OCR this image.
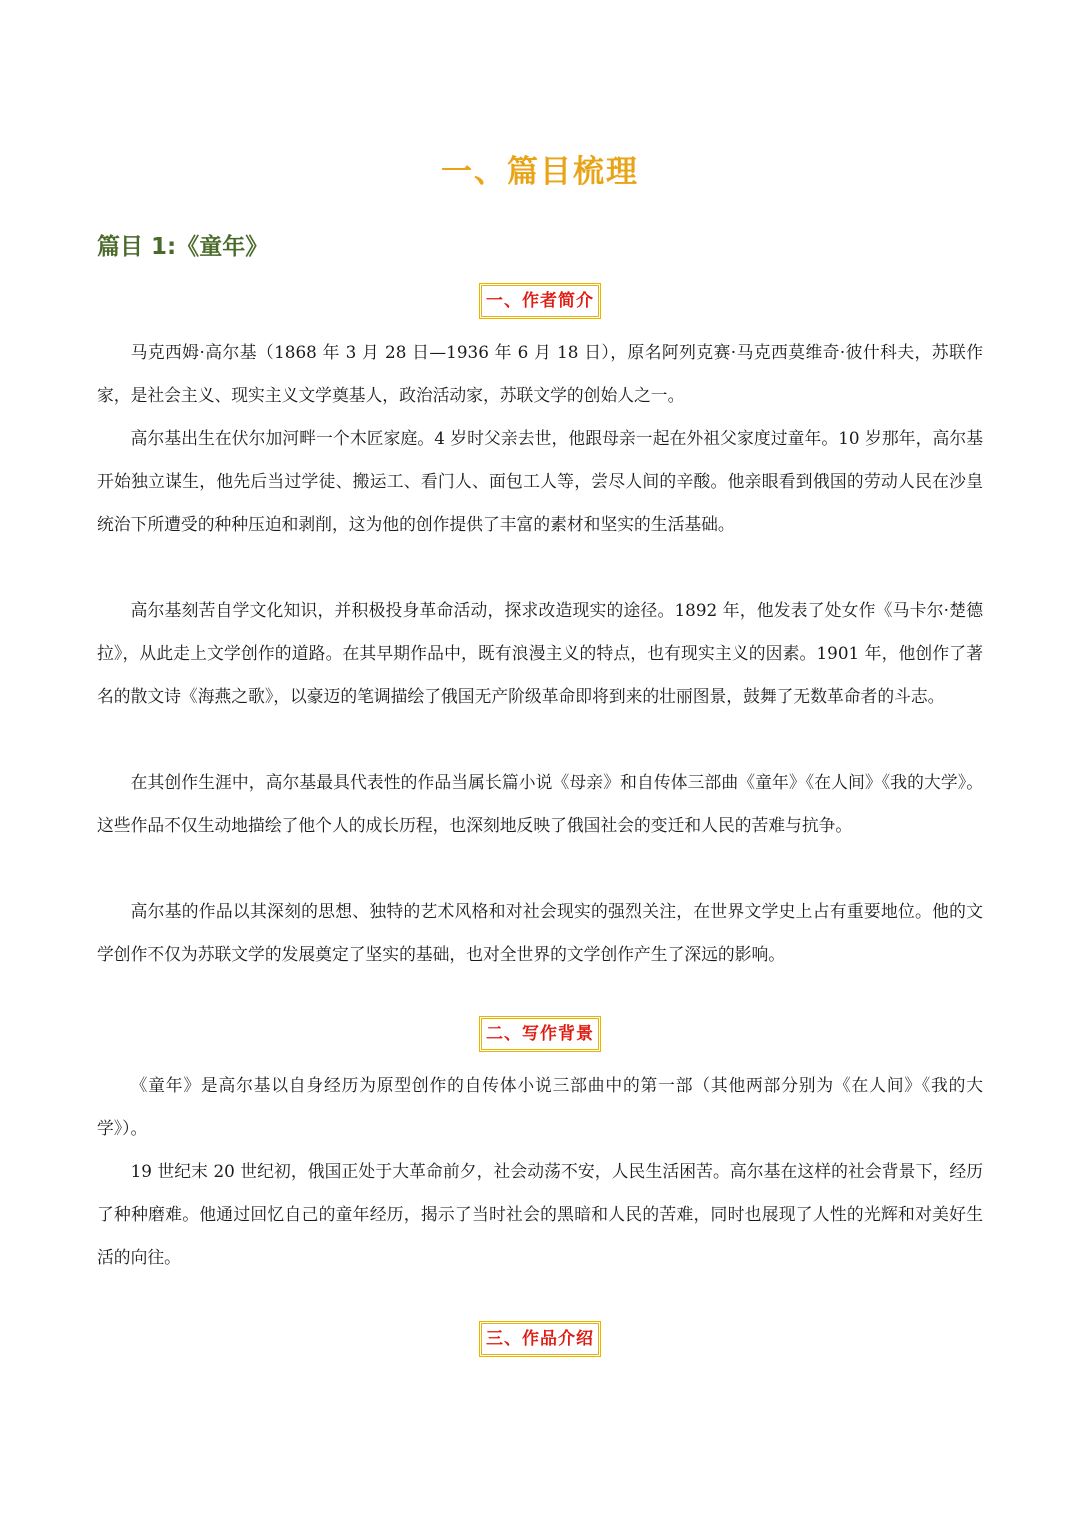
一、篇目梳理
篇目 1:《童年》
一、作者简介

马克西姆·高尔基（1868 年 3 月 28 日—1936 年 6 月 18 日），原名阿列克赛·马克西莫维奇·彼什科夫，苏联作家，是社会主义、现实主义文学奠基人，政治活动家，苏联文学的创始人之一。

高尔基出生在伏尔加河畔一个木匠家庭。4 岁时父亲去世，他跟母亲一起在外祖父家度过童年。10 岁那年，高尔基开始独立谋生，他先后当过学徒、搬运工、看门人、面包工人等，尝尽人间的辛酸。他亲眼看到俄国的劳动人民在沙皇统治下所遭受的种种压迫和剥削，这为他的创作提供了丰富的素材和坚实的生活基础。

高尔基刻苦自学文化知识，并积极投身革命活动，探求改造现实的途径。1892 年，他发表了处女作《马卡尔·楚德拉》，从此走上文学创作的道路。在其早期作品中，既有浪漫主义的特点，也有现实主义的因素。1901 年，他创作了著名的散文诗《海燕之歌》，以豪迈的笔调描绘了俄国无产阶级革命即将到来的壮丽图景，鼓舞了无数革命者的斗志。

在其创作生涯中，高尔基最具代表性的作品当属长篇小说《母亲》和自传体三部曲《童年》《在人间》《我的大学》。这些作品不仅生动地描绘了他个人的成长历程，也深刻地反映了俄国社会的变迁和人民的苦难与抗争。

高尔基的作品以其深刻的思想、独特的艺术风格和对社会现实的强烈关注，在世界文学史上占有重要地位。他的文学创作不仅为苏联文学的发展奠定了坚实的基础，也对全世界的文学创作产生了深远的影响。

二、写作背景

《童年》是高尔基以自身经历为原型创作的自传体小说三部曲中的第一部（其他两部分别为《在人间》《我的大学》）。

19 世纪末 20 世纪初，俄国正处于大革命前夕，社会动荡不安，人民生活困苦。高尔基在这样的社会背景下，经历了种种磨难。他通过回忆自己的童年经历，揭示了当时社会的黑暗和人民的苦难，同时也展现了人性的光辉和对美好生活的向往。

三、作品介绍
